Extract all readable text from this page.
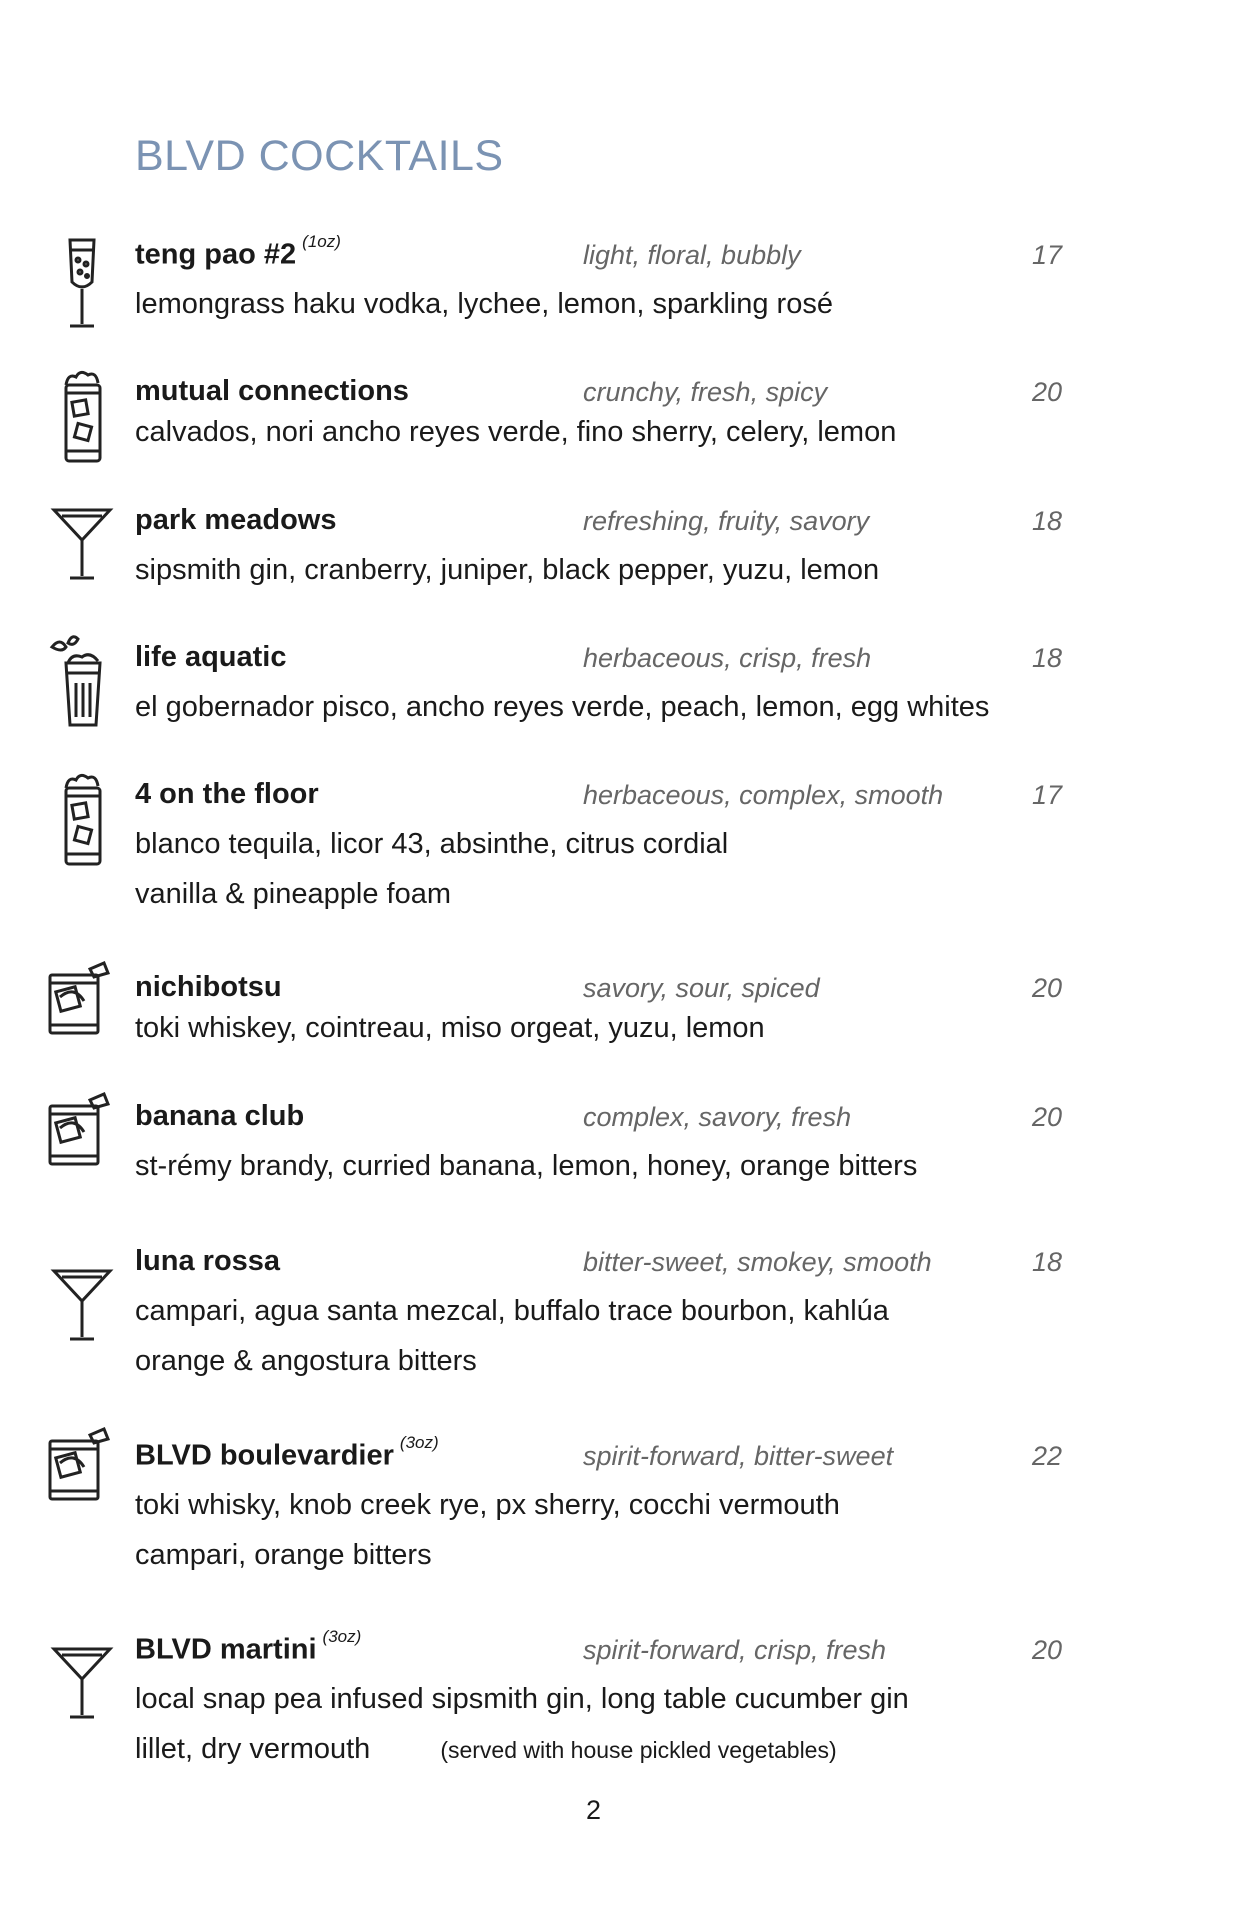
BLVD COCKTAILS
teng pao #2 $^{(1oz)}$	light, floral, bubbly	17
lemongrass haku vodka, lychee, lemon, sparkling rosé
mutual connections	crunchy, fresh, spicy	20
calvados, nori ancho reyes verde, fino sherry, celery, lemon
park meadows	refreshing, fruity, savory	18
sipsmith gin, cranberry, juniper, black pepper, yuzu, lemon
life aquatic	herbaceous, crisp, fresh	18
el gobernador pisco, ancho reyes verde, peach, lemon, egg whites
4 on the floor	herbaceous, complex, smooth	17
blanco tequila, licor 43, absinthe, citrus cordial
vanilla & pineapple foam
nichibotsu	savory, sour, spiced	20
toki whiskey, cointreau, miso orgeat, yuzu, lemon
banana club	complex, savory, fresh	20
st-rémy brandy, curried banana, lemon, honey, orange bitters
luna rossa	bitter-sweet, smokey, smooth	18
campari, agua santa mezcal, buffalo trace bourbon, kahlúa
orange & angostura bitters
BLVD boulevardier $^{(3oz)}$	spirit-forward, bitter-sweet	22
toki whisky, knob creek rye, px sherry, cocchi vermouth
campari, orange bitters
BLVD martini $^{(3oz)}$	spirit-forward, crisp, fresh	20
local snap pea infused sipsmith gin, long table cucumber gin
lillet, dry vermouth	(served with house pickled vegetables)
2
